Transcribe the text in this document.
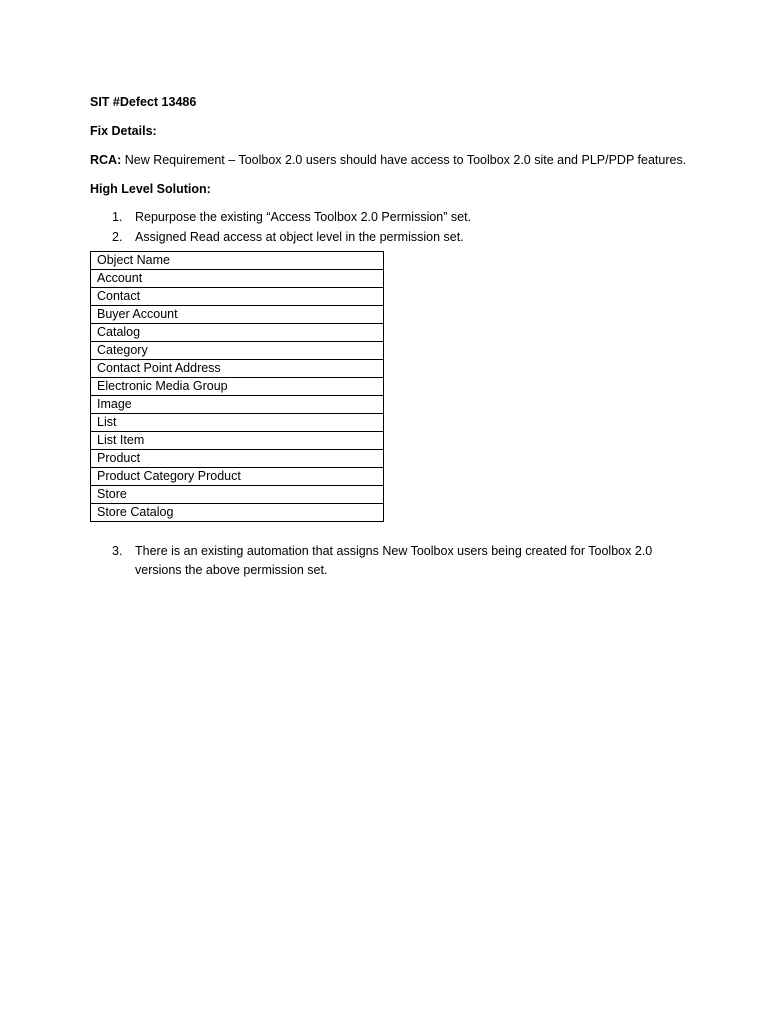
SIT #Defect 13486

Fix Details:

RCA: New Requirement – Toolbox 2.0 users should have access to Toolbox 2.0 site and PLP/PDP features.

High Level Solution:

1. Repurpose the existing “Access Toolbox 2.0 Permission” set.
2. Assigned Read access at object level in the permission set.
Object Name
Account
Contact
Buyer Account
Catalog
Category
Contact Point Address
Electronic Media Group
Image
List
List Item
Product
Product Category Product
Store
Store Catalog
3. There is an existing automation that assigns New Toolbox users being created for Toolbox 2.0 versions the above permission set.
